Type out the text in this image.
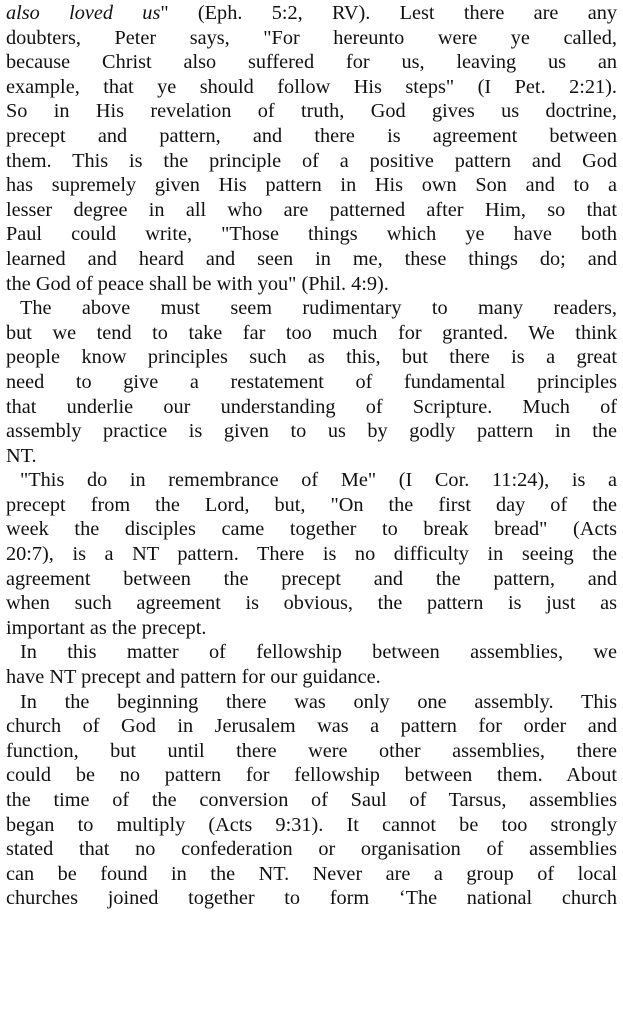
also loved us" (Eph. 5:2, RV). Lest there are any
doubters, Peter says, "For hereunto were ye called,
because Christ also suffered for us, leaving us an
example, that ye should follow His steps" (I Pet. 2:21).
So in His revelation of truth, God gives us doctrine,
precept and pattern, and there is agreement between
them. This is the principle of a positive pattern and God
has supremely given His pattern in His own Son and to a
lesser degree in all who are patterned after Him, so that
Paul could write, "Those things which ye have both
learned and heard and seen in me, these things do; and
the God of peace shall be with you" (Phil. 4:9).
The above must seem rudimentary to many readers,
but we tend to take far too much for granted. We think
people know principles such as this, but there is a great
need to give a restatement of fundamental principles
that underlie our understanding of Scripture. Much of
assembly practice is given to us by godly pattern in the
NT.
"This do in remembrance of Me" (I Cor. 11:24), is a
precept from the Lord, but, "On the first day of the
week the disciples came together to break bread" (Acts
20:7), is a NT pattern. There is no difficulty in seeing the
agreement between the precept and the pattern, and
when such agreement is obvious, the pattern is just as
important as the precept.
In this matter of fellowship between assemblies, we
have NT precept and pattern for our guidance.
In the beginning there was only one assembly. This
church of God in Jerusalem was a pattern for order and
function, but until there were other assemblies, there
could be no pattern for fellowship between them. About
the time of the conversion of Saul of Tarsus, assemblies
began to multiply (Acts 9:31). It cannot be too strongly
stated that no confederation or organisation of assemblies
can be found in the NT. Never are a group of local
churches joined together to form ‘The national church
